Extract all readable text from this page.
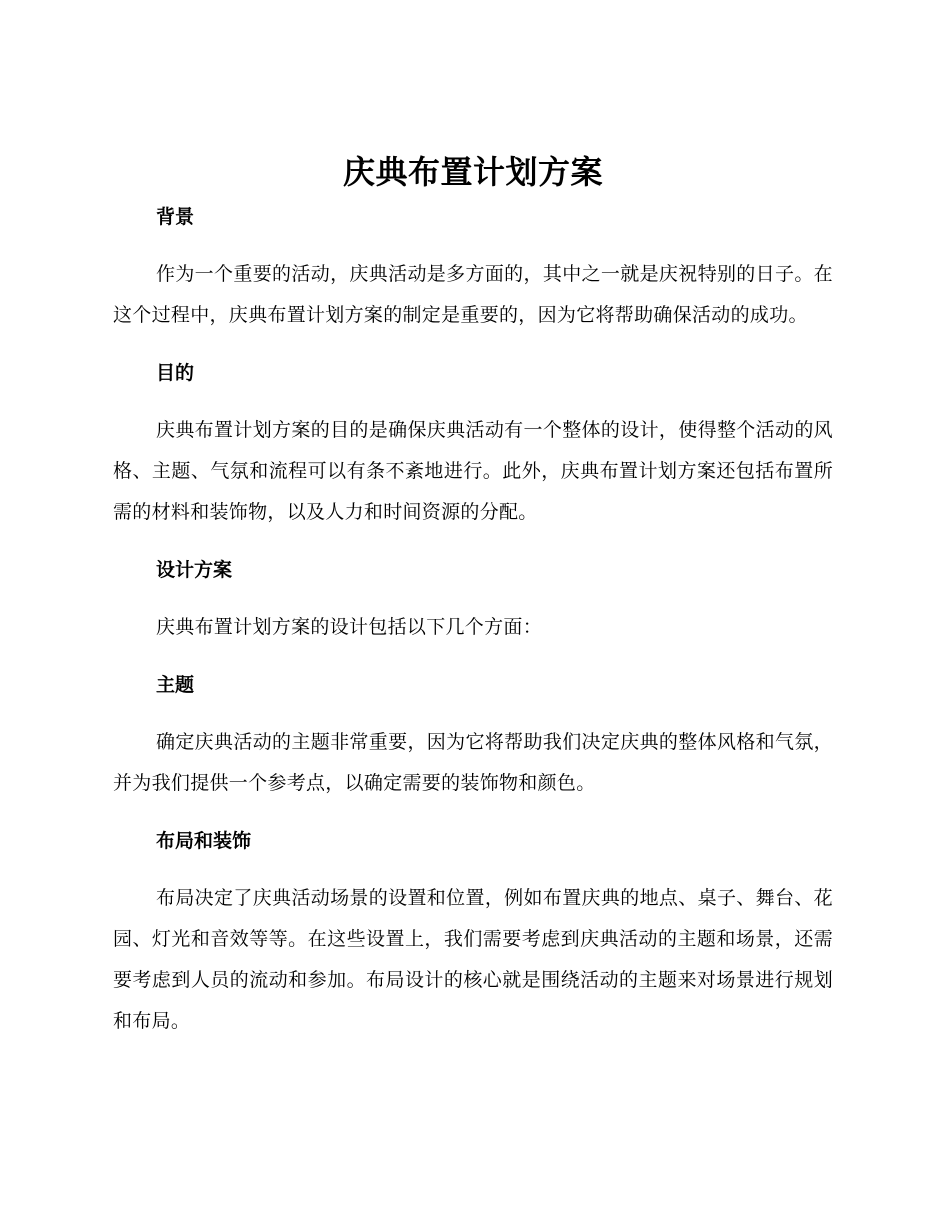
庆典布置计划方案
背景

作为一个重要的活动，庆典活动是多方面的，其中之一就是庆祝特别的日子。在这个过程中，庆典布置计划方案的制定是重要的，因为它将帮助确保活动的成功。

目的

庆典布置计划方案的目的是确保庆典活动有一个整体的设计，使得整个活动的风格、主题、气氛和流程可以有条不紊地进行。此外，庆典布置计划方案还包括布置所需的材料和装饰物，以及人力和时间资源的分配。

设计方案

庆典布置计划方案的设计包括以下几个方面：

主题

确定庆典活动的主题非常重要，因为它将帮助我们决定庆典的整体风格和气氛，并为我们提供一个参考点，以确定需要的装饰物和颜色。

布局和装饰

布局决定了庆典活动场景的设置和位置，例如布置庆典的地点、桌子、舞台、花园、灯光和音效等等。在这些设置上，我们需要考虑到庆典活动的主题和场景，还需要考虑到人员的流动和参加。布局设计的核心就是围绕活动的主题来对场景进行规划和布局。
